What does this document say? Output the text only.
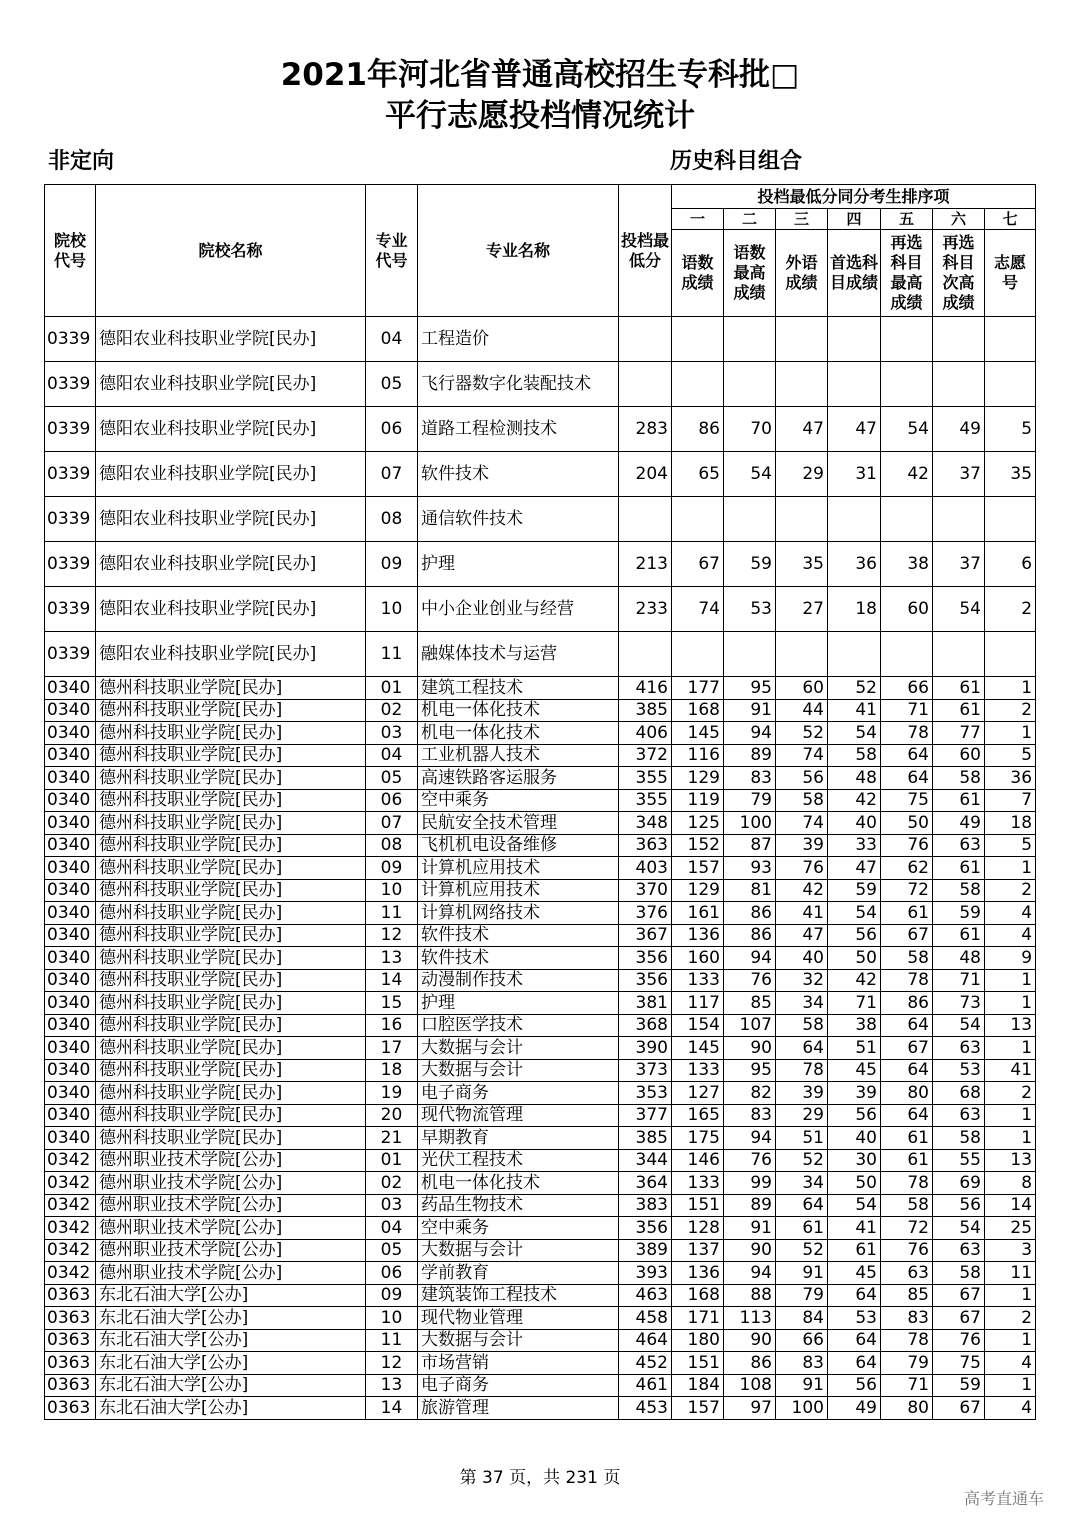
2021年河北省普通高校招生专科批□
平行志愿投档情况统计
非定向	历史科目组合
院校代号	院校名称	专业代号	专业名称	投档最低分	投档最低分同分考生排序项						
					一	二	三	四	五	六	七
					语数成绩	语数最高成绩	外语成绩	首选科目成绩	再选科目最高成绩	再选科目次高成绩	志愿号
0339	德阳农业科技职业学院[民办]	04	工程造价								
0339	德阳农业科技职业学院[民办]	05	飞行器数字化装配技术								
0339	德阳农业科技职业学院[民办]	06	道路工程检测技术	283	86	70	47	47	54	49	5
0339	德阳农业科技职业学院[民办]	07	软件技术	204	65	54	29	31	42	37	35
0339	德阳农业科技职业学院[民办]	08	通信软件技术								
0339	德阳农业科技职业学院[民办]	09	护理	213	67	59	35	36	38	37	6
0339	德阳农业科技职业学院[民办]	10	中小企业创业与经营	233	74	53	27	18	60	54	2
0339	德阳农业科技职业学院[民办]	11	融媒体技术与运营								
0340	德州科技职业学院[民办]	01	建筑工程技术	416	177	95	60	52	66	61	1
0340	德州科技职业学院[民办]	02	机电一体化技术	385	168	91	44	41	71	61	2
0340	德州科技职业学院[民办]	03	机电一体化技术	406	145	94	52	54	78	77	1
0340	德州科技职业学院[民办]	04	工业机器人技术	372	116	89	74	58	64	60	5
0340	德州科技职业学院[民办]	05	高速铁路客运服务	355	129	83	56	48	64	58	36
0340	德州科技职业学院[民办]	06	空中乘务	355	119	79	58	42	75	61	7
0340	德州科技职业学院[民办]	07	民航安全技术管理	348	125	100	74	40	50	49	18
0340	德州科技职业学院[民办]	08	飞机机电设备维修	363	152	87	39	33	76	63	5
0340	德州科技职业学院[民办]	09	计算机应用技术	403	157	93	76	47	62	61	1
0340	德州科技职业学院[民办]	10	计算机应用技术	370	129	81	42	59	72	58	2
0340	德州科技职业学院[民办]	11	计算机网络技术	376	161	86	41	54	61	59	4
0340	德州科技职业学院[民办]	12	软件技术	367	136	86	47	56	67	61	4
0340	德州科技职业学院[民办]	13	软件技术	356	160	94	40	50	58	48	9
0340	德州科技职业学院[民办]	14	动漫制作技术	356	133	76	32	42	78	71	1
0340	德州科技职业学院[民办]	15	护理	381	117	85	34	71	86	73	1
0340	德州科技职业学院[民办]	16	口腔医学技术	368	154	107	58	38	64	54	13
0340	德州科技职业学院[民办]	17	大数据与会计	390	145	90	64	51	67	63	1
0340	德州科技职业学院[民办]	18	大数据与会计	373	133	95	78	45	64	53	41
0340	德州科技职业学院[民办]	19	电子商务	353	127	82	39	39	80	68	2
0340	德州科技职业学院[民办]	20	现代物流管理	377	165	83	29	56	64	63	1
0340	德州科技职业学院[民办]	21	早期教育	385	175	94	51	40	61	58	1
0342	德州职业技术学院[公办]	01	光伏工程技术	344	146	76	52	30	61	55	13
0342	德州职业技术学院[公办]	02	机电一体化技术	364	133	99	34	50	78	69	8
0342	德州职业技术学院[公办]	03	药品生物技术	383	151	89	64	54	58	56	14
0342	德州职业技术学院[公办]	04	空中乘务	356	128	91	61	41	72	54	25
0342	德州职业技术学院[公办]	05	大数据与会计	389	137	90	52	61	76	63	3
0342	德州职业技术学院[公办]	06	学前教育	393	136	94	91	45	63	58	11
0363	东北石油大学[公办]	09	建筑装饰工程技术	463	168	88	79	64	85	67	1
0363	东北石油大学[公办]	10	现代物业管理	458	171	113	84	53	83	67	2
0363	东北石油大学[公办]	11	大数据与会计	464	180	90	66	64	78	76	1
0363	东北石油大学[公办]	12	市场营销	452	151	86	83	64	79	75	4
0363	东北石油大学[公办]	13	电子商务	461	184	108	91	56	71	59	1
0363	东北石油大学[公办]	14	旅游管理	453	157	97	100	49	80	67	4
第 37 页，共 231 页
高考直通车
